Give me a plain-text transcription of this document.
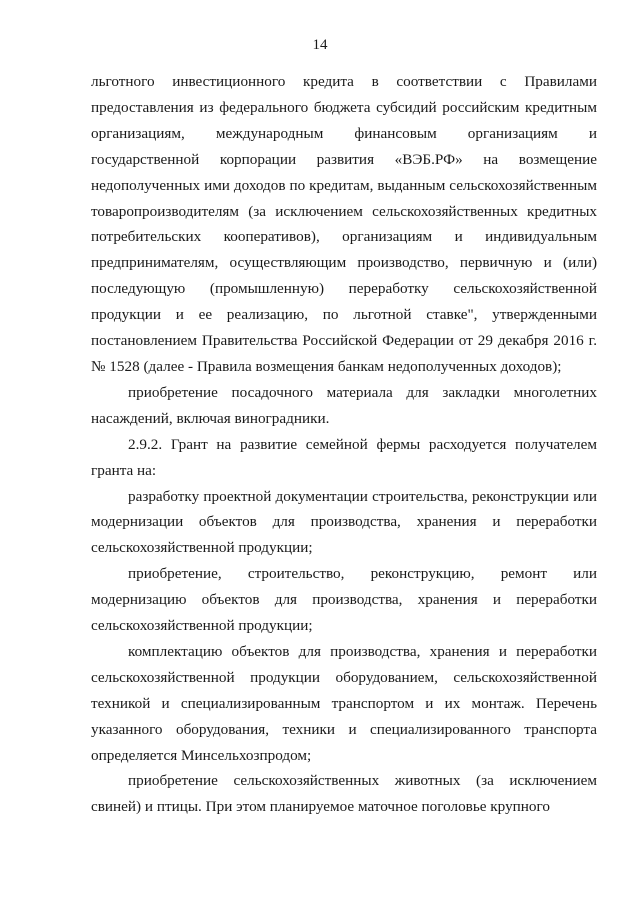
14

льготного инвестиционного кредита в соответствии с Правилами предоставления из федерального бюджета субсидий российским кредитным организациям, международным финансовым организациям и государственной корпорации развития «ВЭБ.РФ» на возмещение недополученных ими доходов по кредитам, выданным сельскохозяйственным товаропроизводителям (за исключением сельскохозяйственных кредитных потребительских кооперативов), организациям и индивидуальным предпринимателям, осуществляющим производство, первичную и (или) последующую (промышленную) переработку сельскохозяйственной продукции и ее реализацию, по льготной ставке", утвержденными постановлением Правительства Российской Федерации от 29 декабря 2016 г. № 1528 (далее - Правила возмещения банкам недополученных доходов);

приобретение посадочного материала для закладки многолетних насаждений, включая виноградники.

2.9.2. Грант на развитие семейной фермы расходуется получателем гранта на:

разработку проектной документации строительства, реконструкции или модернизации объектов для производства, хранения и переработки сельскохозяйственной продукции;

приобретение, строительство, реконструкцию, ремонт или модернизацию объектов для производства, хранения и переработки сельскохозяйственной продукции;

комплектацию объектов для производства, хранения и переработки сельскохозяйственной продукции оборудованием, сельскохозяйственной техникой и специализированным транспортом и их монтаж. Перечень указанного оборудования, техники и специализированного транспорта определяется Минсельхозпродом;

приобретение сельскохозяйственных животных (за исключением свиней) и птицы. При этом планируемое маточное поголовье крупного
